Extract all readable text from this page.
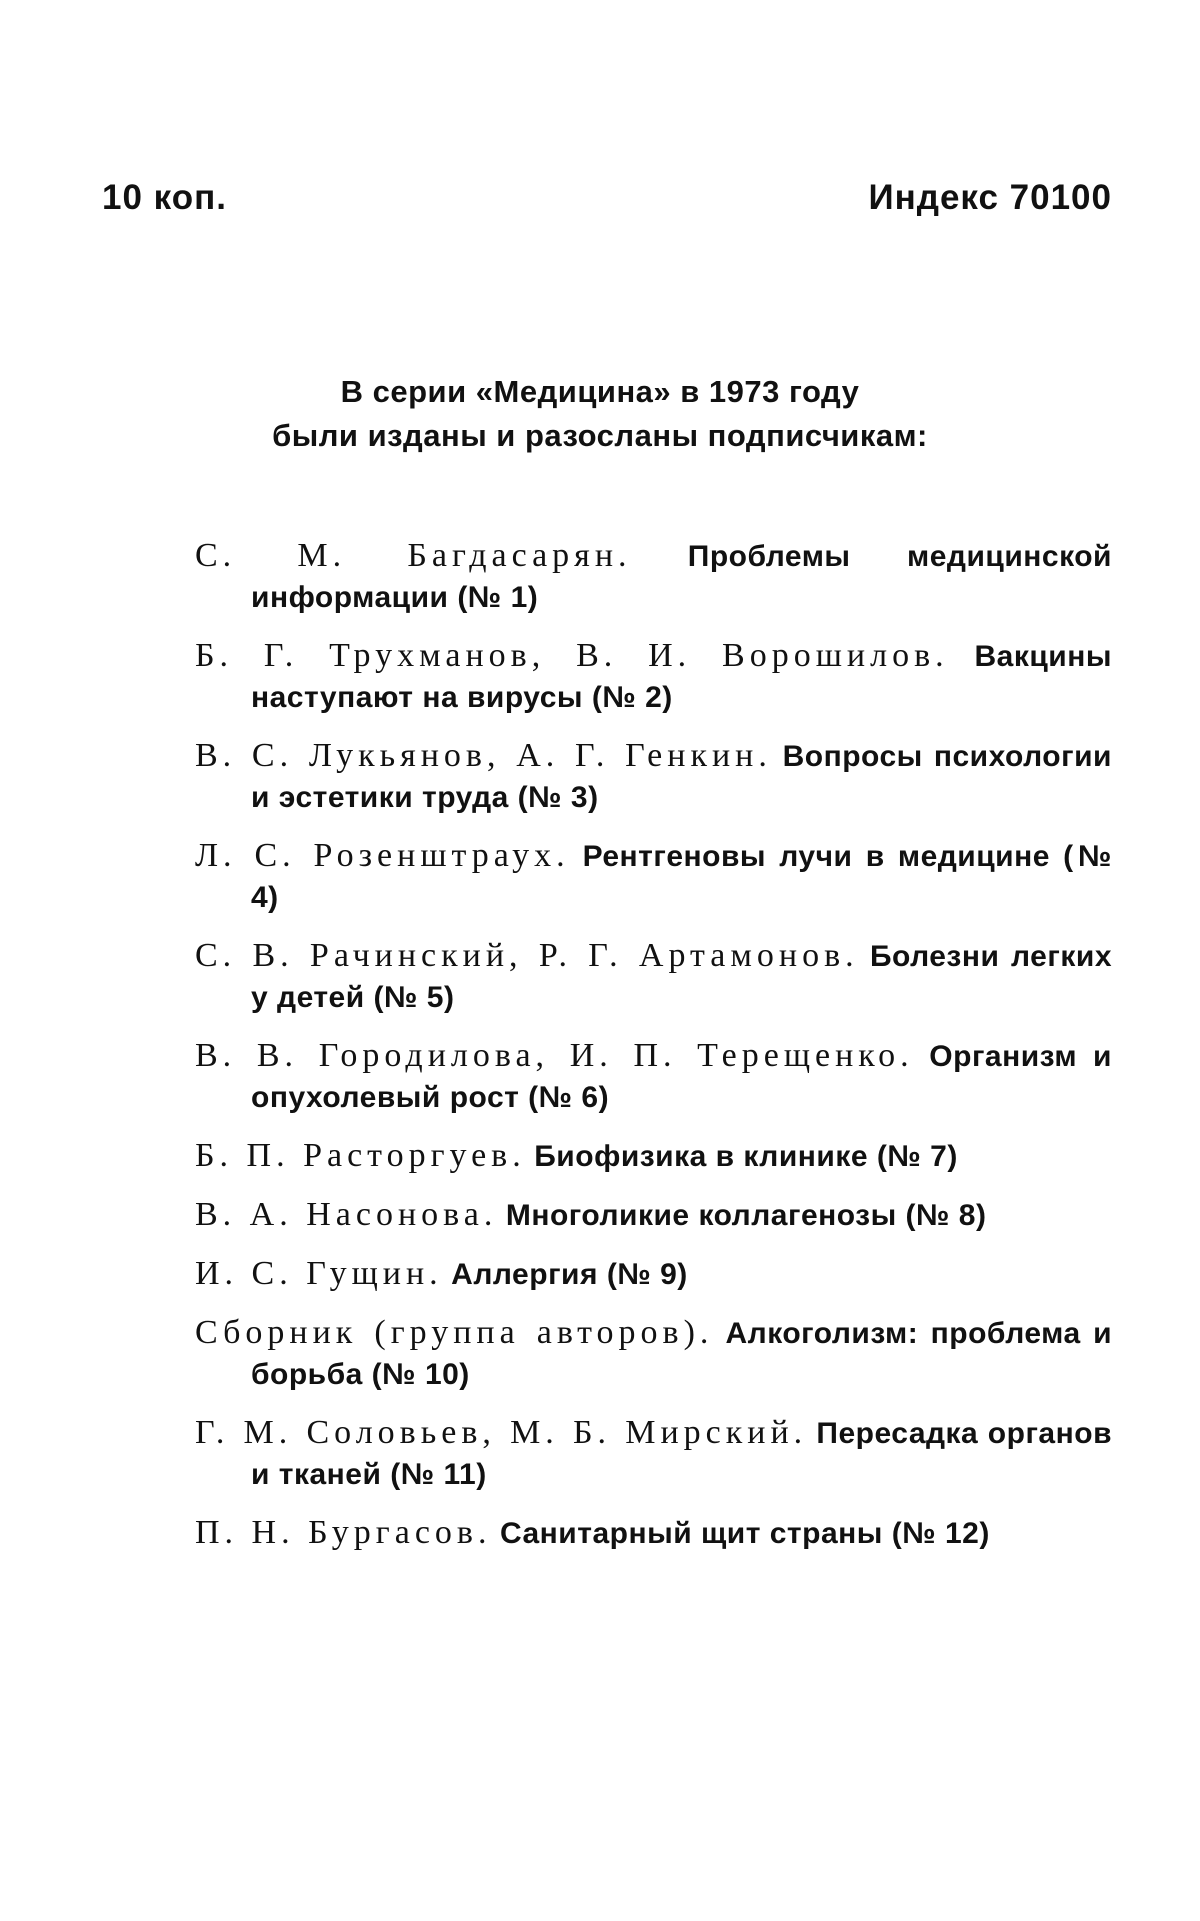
10 коп.	Индекс 70100
В серии «Медицина» в 1973 году
были изданы и разосланы подписчикам:
С. М. Багдасарян. Проблемы медицинской информации (№ 1)
Б. Г. Трухманов, В. И. Ворошилов. Вакцины наступают на вирусы (№ 2)
В. С. Лукьянов, А. Г. Генкин. Вопросы психологии и эстетики труда (№ 3)
Л. С. Розенштраух. Рентгеновы лучи в медицине (№ 4)
С. В. Рачинский, Р. Г. Артамонов. Болезни легких у детей (№ 5)
В. В. Городилова, И. П. Терещенко. Организм и опухолевый рост (№ 6)
Б. П. Расторгуев. Биофизика в клинике (№ 7)
В. А. Насонова. Многоликие коллагенозы (№ 8)
И. С. Гущин. Аллергия (№ 9)
Сборник (группа авторов). Алкоголизм: проблема и борьба (№ 10)
Г. М. Соловьев, М. Б. Мирский. Пересадка органов и тканей (№ 11)
П. Н. Бургасов. Санитарный щит страны (№ 12)
